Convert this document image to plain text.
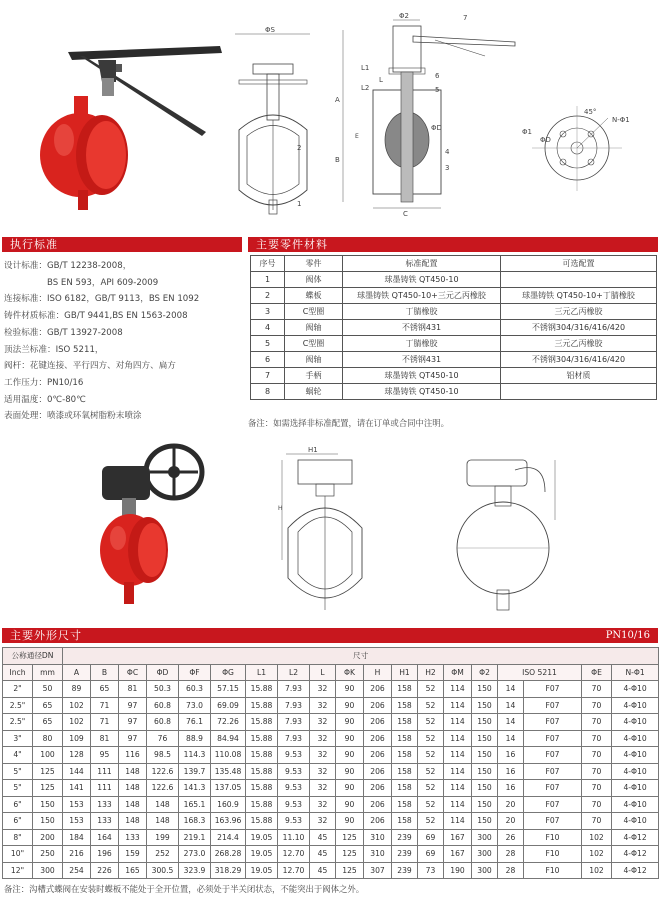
ΦS
2
1
Φ2	7
A
B
L1
L2
L	6
5
ΦD
4
3
E
C
45°
N-Φ1
Φ1
ΦD
执行标准	主要零件材料
设计标准：GB/T 12238-2008，
　　　　　BS EN 593，API 609-2009
连接标准：ISO 6182，GB/T 9113，BS EN 1092
铸件材质标准：GB/T 9441,BS EN 1563-2008
检验标准：GB/T 13927-2008
顶法兰标准：ISO 5211，
阀杆：花键连接、平行四方、对角四方、扁方
工作压力：PN10/16
适用温度：0℃-80℃
表面处理：喷漆或环氧树脂粉末喷涂
序号	零件	标准配置	可选配置
1	阀体	球墨铸铁 QT450-10	
2	蝶板	球墨铸铁 QT450-10+三元乙丙橡胶	球墨铸铁 QT450-10+丁腈橡胶
3	C型圈	丁腈橡胶	三元乙丙橡胶
4	阀轴	不锈钢431	不锈钢304/316/416/420
5	C型圈	丁腈橡胶	三元乙丙橡胶
6	阀轴	不锈钢431	不锈钢304/316/416/420
7	手柄	球墨铸铁 QT450-10	铝材质
8	蜗轮	球墨铸铁 QT450-10	
备注：如需选择非标准配置，请在订单或合同中注明。
H1
H
主要外形尺寸	PN10/16
公称通径DN		尺寸																		
Inch	mm	A	B	ΦC	ΦD	ΦF	ΦG	L1	L2	L	ΦK	H	H1	H2	ΦM	Φ2	ISO 5211		ΦE	N-Φ1
2"	50	89	65	81	50.3	60.3	57.15	15.88	7.93	32	90	206	158	52	114	150	14	F07	70	4-Φ10
2.5"	65	102	71	97	60.8	73.0	69.09	15.88	7.93	32	90	206	158	52	114	150	14	F07	70	4-Φ10
2.5"	65	102	71	97	60.8	76.1	72.26	15.88	7.93	32	90	206	158	52	114	150	14	F07	70	4-Φ10
3"	80	109	81	97	76	88.9	84.94	15.88	7.93	32	90	206	158	52	114	150	14	F07	70	4-Φ10
4"	100	128	95	116	98.5	114.3	110.08	15.88	9.53	32	90	206	158	52	114	150	16	F07	70	4-Φ10
5"	125	144	111	148	122.6	139.7	135.48	15.88	9.53	32	90	206	158	52	114	150	16	F07	70	4-Φ10
5"	125	141	111	148	122.6	141.3	137.05	15.88	9.53	32	90	206	158	52	114	150	16	F07	70	4-Φ10
6"	150	153	133	148	148	165.1	160.9	15.88	9.53	32	90	206	158	52	114	150	20	F07	70	4-Φ10
6"	150	153	133	148	148	168.3	163.96	15.88	9.53	32	90	206	158	52	114	150	20	F07	70	4-Φ10
8"	200	184	164	133	199	219.1	214.4	19.05	11.10	45	125	310	239	69	167	300	26	F10	102	4-Φ12
10"	250	216	196	159	252	273.0	268.28	19.05	12.70	45	125	310	239	69	167	300	28	F10	102	4-Φ12
12"	300	254	226	165	300.5	323.9	318.29	19.05	12.70	45	125	307	239	73	190	300	28	F10	102	4-Φ12
备注：沟槽式蝶阀在安装时蝶板不能处于全开位置，必须处于半关闭状态，不能突出于阀体之外。
